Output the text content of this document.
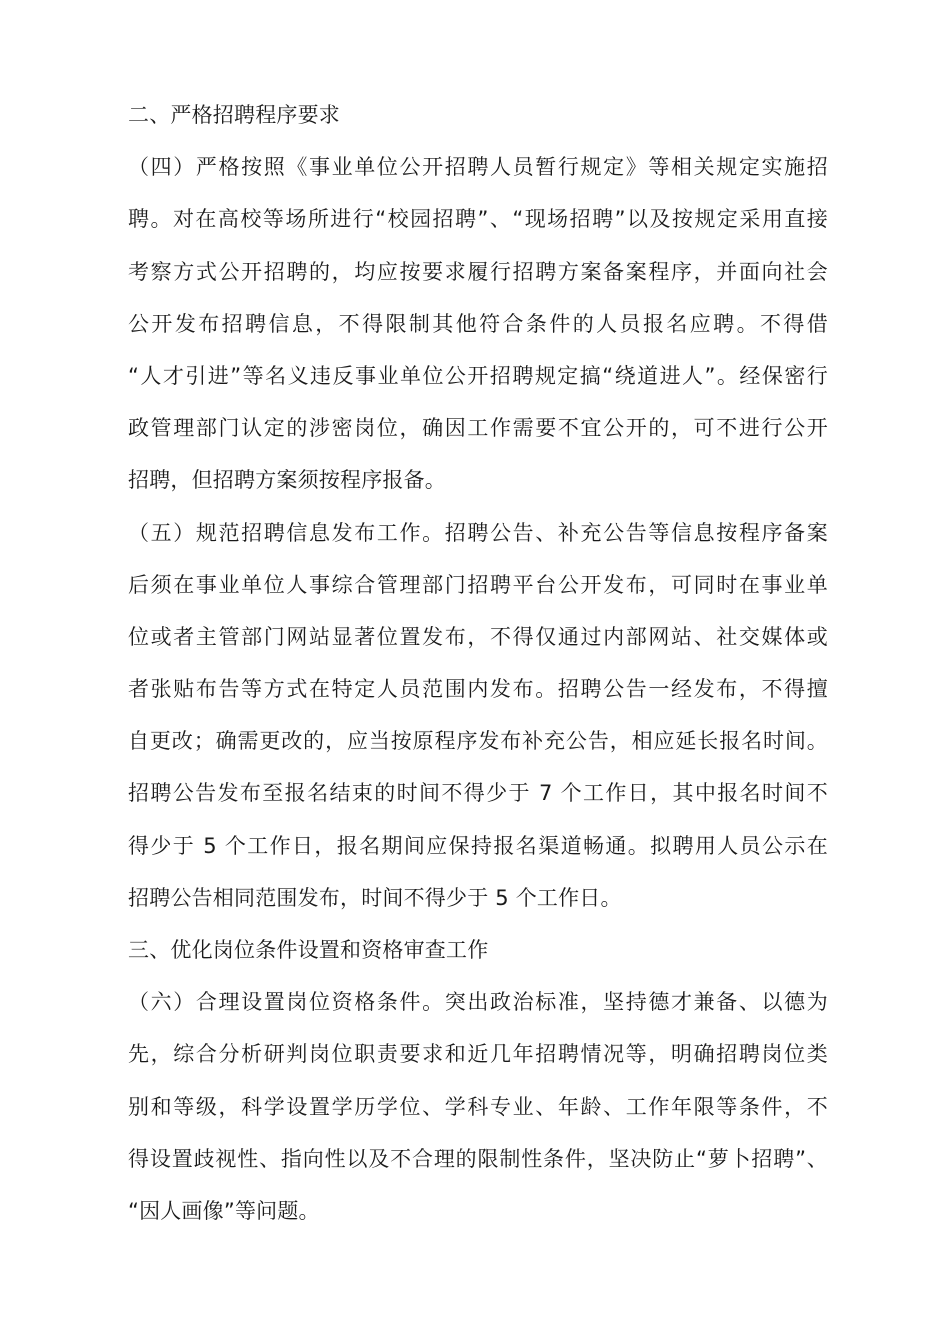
二、严格招聘程序要求
（四）严格按照《事业单位公开招聘人员暂行规定》等相关规定实施招
聘。对在高校等场所进行“校园招聘”、“现场招聘”以及按规定采用直接
考察方式公开招聘的，均应按要求履行招聘方案备案程序，并面向社会
公开发布招聘信息，不得限制其他符合条件的人员报名应聘。不得借
“人才引进”等名义违反事业单位公开招聘规定搞“绕道进人”。经保密行
政管理部门认定的涉密岗位，确因工作需要不宜公开的，可不进行公开
招聘，但招聘方案须按程序报备。
（五）规范招聘信息发布工作。招聘公告、补充公告等信息按程序备案
后须在事业单位人事综合管理部门招聘平台公开发布，可同时在事业单
位或者主管部门网站显著位置发布，不得仅通过内部网站、社交媒体或
者张贴布告等方式在特定人员范围内发布。招聘公告一经发布，不得擅
自更改；确需更改的，应当按原程序发布补充公告，相应延长报名时间。
招聘公告发布至报名结束的时间不得少于 7 个工作日，其中报名时间不
得少于 5 个工作日，报名期间应保持报名渠道畅通。拟聘用人员公示在
招聘公告相同范围发布，时间不得少于 5 个工作日。
三、优化岗位条件设置和资格审查工作
（六）合理设置岗位资格条件。突出政治标准，坚持德才兼备、以德为
先，综合分析研判岗位职责要求和近几年招聘情况等，明确招聘岗位类
别和等级，科学设置学历学位、学科专业、年龄、工作年限等条件，不
得设置歧视性、指向性以及不合理的限制性条件，坚决防止“萝卜招聘”、
“因人画像”等问题。
